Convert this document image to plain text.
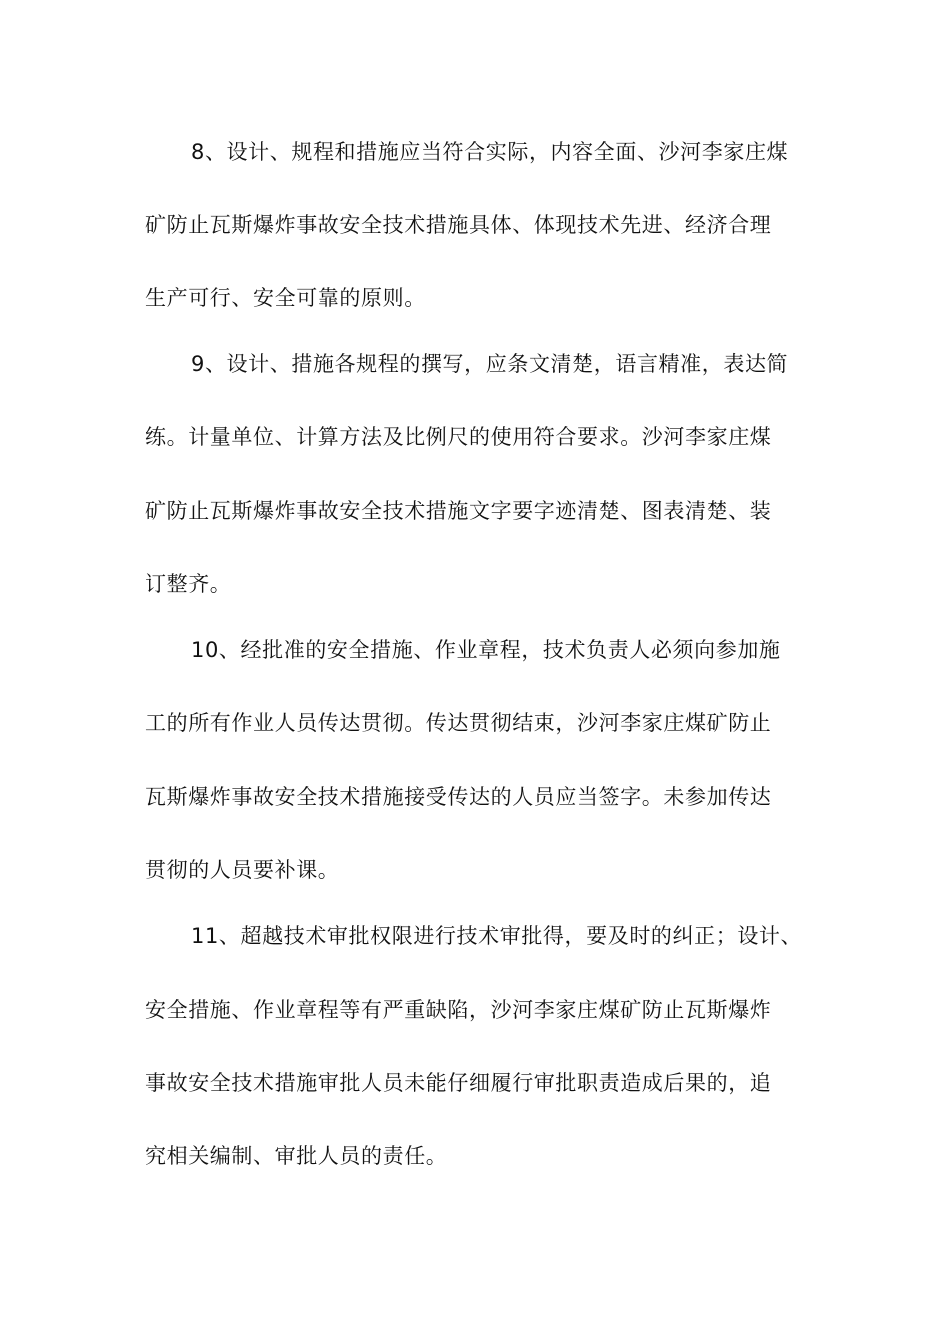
8、设计、规程和措施应当符合实际，内容全面、沙河李家庄煤
矿防止瓦斯爆炸事故安全技术措施具体、体现技术先进、经济合理
生产可行、安全可靠的原则。
9、设计、措施各规程的撰写，应条文清楚，语言精准，表达简
练。计量单位、计算方法及比例尺的使用符合要求。沙河李家庄煤
矿防止瓦斯爆炸事故安全技术措施文字要字迹清楚、图表清楚、装
订整齐。
10、经批准的安全措施、作业章程，技术负责人必须向参加施
工的所有作业人员传达贯彻。传达贯彻结束，沙河李家庄煤矿防止
瓦斯爆炸事故安全技术措施接受传达的人员应当签字。未参加传达
贯彻的人员要补课。
11、超越技术审批权限进行技术审批得，要及时的纠正；设计、
安全措施、作业章程等有严重缺陷，沙河李家庄煤矿防止瓦斯爆炸
事故安全技术措施审批人员未能仔细履行审批职责造成后果的，追
究相关编制、审批人员的责任。
